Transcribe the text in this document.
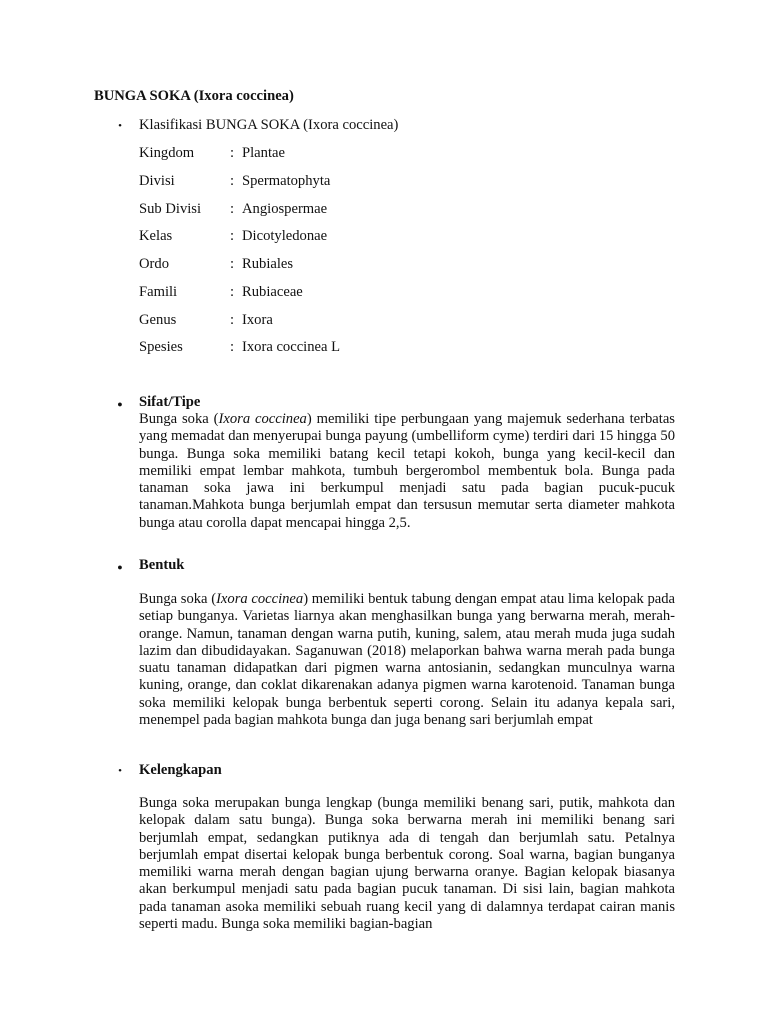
BUNGA SOKA (Ixora coccinea)
• Klasifikasi BUNGA SOKA (Ixora coccinea)
Kingdom : Plantae
Divisi	: Spermatophyta
Sub Divisi : Angiospermae
Kelas	: Dicotyledonae
Ordo	: Rubiales
Famili	: Rubiaceae
Genus	: Ixora
Spesies	: Ixora coccinea L
● Sifat/Tipe
Bunga soka (Ixora coccinea) memiliki tipe perbungaan yang majemuk sederhana terbatas yang memadat dan menyerupai bunga payung (umbelliform cyme) terdiri dari 15 hingga 50 bunga. Bunga soka memiliki batang kecil tetapi kokoh, bunga yang kecil-kecil dan memiliki empat lembar mahkota, tumbuh bergerombol membentuk bola. Bunga pada tanaman soka jawa ini berkumpul menjadi satu pada bagian pucuk-pucuk tanaman.Mahkota bunga berjumlah empat dan tersusun memutar serta diameter mahkota bunga atau corolla dapat mencapai hingga 2,5.
● Bentuk
Bunga soka (Ixora coccinea) memiliki bentuk tabung dengan empat atau lima kelopak pada setiap bunganya. Varietas liarnya akan menghasilkan bunga yang berwarna merah, merah-orange. Namun, tanaman dengan warna putih, kuning, salem, atau merah muda juga sudah lazim dan dibudidayakan. Saganuwan (2018) melaporkan bahwa warna merah pada bunga suatu tanaman didapatkan dari pigmen warna antosianin, sedangkan munculnya warna kuning, orange, dan coklat dikarenakan adanya pigmen warna karotenoid. Tanaman bunga soka memiliki kelopak bunga berbentuk seperti corong. Selain itu adanya kepala sari, menempel pada bagian mahkota bunga dan juga benang sari berjumlah empat
• Kelengkapan
Bunga soka merupakan bunga lengkap (bunga memiliki benang sari, putik, mahkota dan kelopak dalam satu bunga). Bunga soka berwarna merah ini memiliki benang sari berjumlah empat, sedangkan putiknya ada di tengah dan berjumlah satu. Petalnya berjumlah empat disertai kelopak bunga berbentuk corong. Soal warna, bagian bunganya memiliki warna merah dengan bagian ujung berwarna oranye. Bagian kelopak biasanya akan berkumpul menjadi satu pada bagian pucuk tanaman. Di sisi lain, bagian mahkota pada tanaman asoka memiliki sebuah ruang kecil yang di dalamnya terdapat cairan manis seperti madu. Bunga soka memiliki bagian-bagian
